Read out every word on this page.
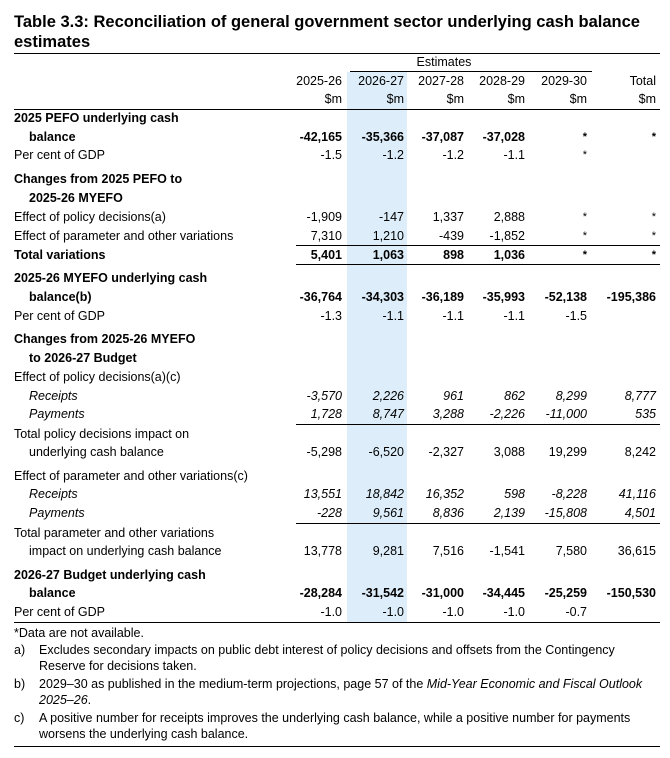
Table 3.3: Reconciliation of general government sector underlying cash balance estimates
Estimates
2025-26 2026-27 2027-28 2028-29 2029-30	Total
$m	$m	$m	$m	$m	$m
2025 PEFO underlying cash
balance	-42,165 -35,366 -37,087 -37,028	*	*
Per cent of GDP	-1.5	-1.2	-1.2	-1.1	*
Changes from 2025 PEFO to
2025-26 MYEFO
Effect of policy decisions(a)	-1,909	-147 1,337 2,888	*	*
Effect of parameter and other variations	7,310 1,210	-439 -1,852	*	*
Total variations	5,401 1,063	898 1,036	*	*
2025-26 MYEFO underlying cash
balance(b)	-36,764 -34,303 -36,189 -35,993 -52,138 -195,386
Per cent of GDP	-1.3	-1.1	-1.1	-1.1	-1.5
Changes from 2025-26 MYEFO
to 2026-27 Budget
Effect of policy decisions(a)(c)
Receipts	-3,570 2,226	961	862 8,299	8,777
Payments	1,728 8,747 3,288 -2,226 -11,000	535
Total policy decisions impact on
underlying cash balance	-5,298 -6,520 -2,327 3,088 19,299	8,242
Effect of parameter and other variations(c)
Receipts	13,551 18,842 16,352	598 -8,228	41,116
Payments	-228 9,561 8,836 2,139 -15,808	4,501
Total parameter and other variations
impact on underlying cash balance	13,778 9,281 7,516 -1,541 7,580 36,615
2026-27 Budget underlying cash
balance	-28,284 -31,542 -31,000 -34,445 -25,259 -150,530
Per cent of GDP	-1.0	-1.0	-1.0	-1.0	-0.7
*Data are not available.
a) Excludes secondary impacts on public debt interest of policy decisions and offsets from the Contingency Reserve for decisions taken.
b) 2029–30 as published in the medium-term projections, page 57 of the Mid-Year Economic and Fiscal Outlook 2025–26.
c) A positive number for receipts improves the underlying cash balance, while a positive number for payments worsens the underlying cash balance.
